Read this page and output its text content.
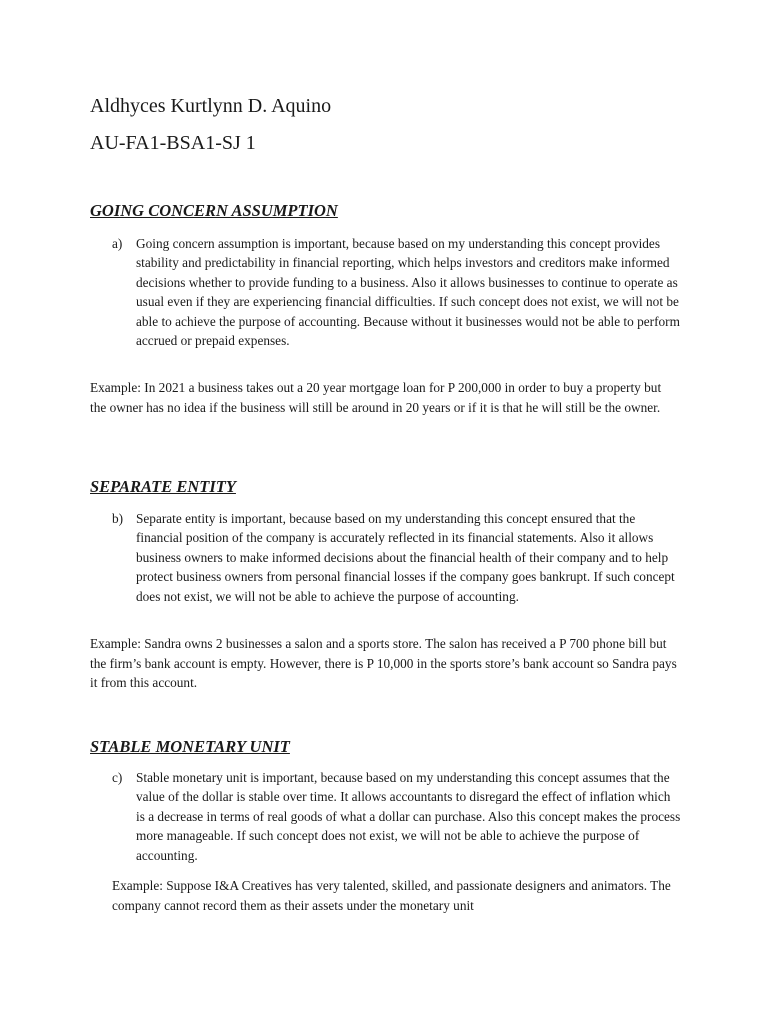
Aldhyces Kurtlynn D. Aquino
AU-FA1-BSA1-SJ 1
GOING CONCERN ASSUMPTION
a)	Going concern assumption is important, because based on my understanding this concept provides stability and predictability in financial reporting, which helps investors and creditors make informed decisions whether to provide funding to a business. Also it allows businesses to continue to operate as usual even if they are experiencing financial difficulties. If such concept does not exist, we will not be able to achieve the purpose of accounting. Because without it businesses would not be able to perform accrued or prepaid expenses.
Example: In 2021 a business takes out a 20 year mortgage loan for P 200,000 in order to buy a property but the owner has no idea if the business will still be around in 20 years or if it is that he will still be the owner.
SEPARATE ENTITY
b) Separate entity is important, because based on my understanding this concept ensured that the financial position of the company is accurately reflected in its financial statements. Also it allows business owners to make informed decisions about the financial health of their company and to help protect business owners from personal financial losses if the company goes bankrupt. If such concept does not exist, we will not be able to achieve the purpose of accounting.
Example: Sandra owns 2 businesses a salon and a sports store. The salon has received a P 700 phone bill but the firm’s bank account is empty. However, there is P 10,000 in the sports store’s bank account so Sandra pays it from this account.
STABLE MONETARY UNIT
c)	Stable monetary unit is important, because based on my understanding this concept assumes that the value of the dollar is stable over time. It allows accountants to disregard the effect of inflation which is a decrease in terms of real goods of what a dollar can purchase. Also this concept makes the process more manageable. If such concept does not exist, we will not be able to achieve the purpose of accounting.
Example: Suppose I&A Creatives has very talented, skilled, and passionate designers and animators. The company cannot record them as their assets under the monetary unit
